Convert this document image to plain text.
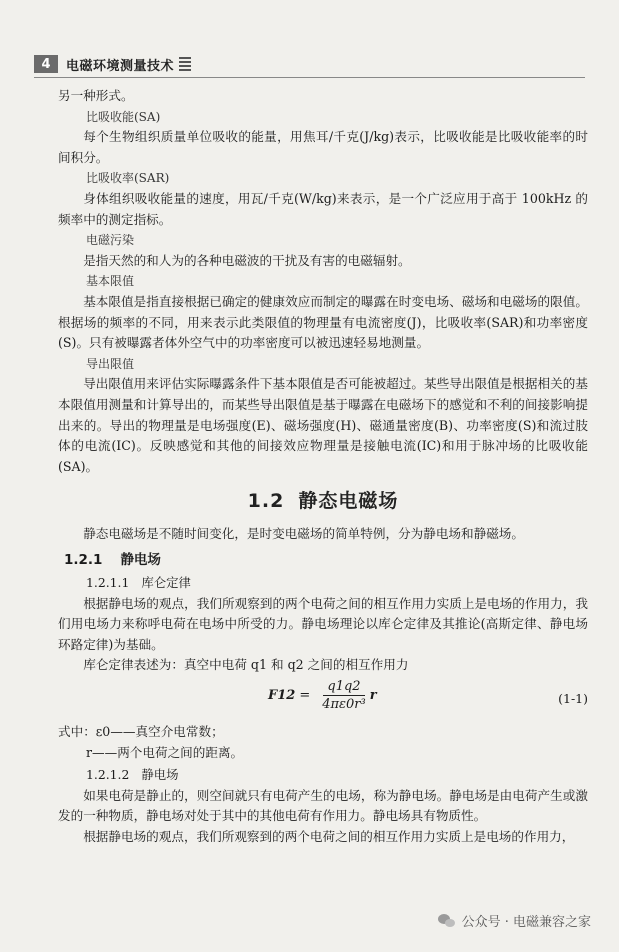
4	电磁环境测量技术

另一种形式。

比吸收能(SA)

每个生物组织质量单位吸收的能量，用焦耳/千克(J/kg)表示，比吸收能是比吸收能率的时间积分。

比吸收率(SAR)

身体组织吸收能量的速度，用瓦/千克(W/kg)来表示，是一个广泛应用于高于 100kHz 的频率中的测定指标。

电磁污染

是指天然的和人为的各种电磁波的干扰及有害的电磁辐射。

基本限值

基本限值是指直接根据已确定的健康效应而制定的曝露在时变电场、磁场和电磁场的限值。根据场的频率的不同，用来表示此类限值的物理量有电流密度(J)，比吸收率(SAR)和功率密度(S)。只有被曝露者体外空气中的功率密度可以被迅速轻易地测量。

导出限值

导出限值用来评估实际曝露条件下基本限值是否可能被超过。某些导出限值是根据相关的基本限值用测量和计算导出的，而某些导出限值是基于曝露在电磁场下的感觉和不利的间接影响提出来的。导出的物理量是电场强度(E)、磁场强度(H)、磁通量密度(B)、功率密度(S)和流过肢体的电流(IC)。反映感觉和其他的间接效应物理量是接触电流(IC)和用于脉冲场的比吸收能(SA)。

1.2 静态电磁场

静态电磁场是不随时间变化，是时变电磁场的简单特例，分为静电场和静磁场。

1.2.1 静电场

1.2.1.1 库仑定律

根据静电场的观点，我们所观察到的两个电荷之间的相互作用力实质上是电场的作用力，我们用电场力来称呼电荷在电场中所受的力。静电场理论以库仑定律及其推论(高斯定律、静电场环路定律)为基础。

库仑定律表述为：真空中电荷 q1 和 q2 之间的相互作用力

$F12 = \frac{q1q2}{\text{4πε0r³}}$ r	(1-1)

式中：ε0——真空介电常数；

r——两个电荷之间的距离。

1.2.1.2 静电场

如果电荷是静止的，则空间就只有电荷产生的电场，称为静电场。静电场是由电荷产生或激发的一种物质，静电场对处于其中的其他电荷有作用力。静电场具有物质性。

根据静电场的观点，我们所观察到的两个电荷之间的相互作用力实质上是电场的作用力，

公众号 · 电磁兼容之家
